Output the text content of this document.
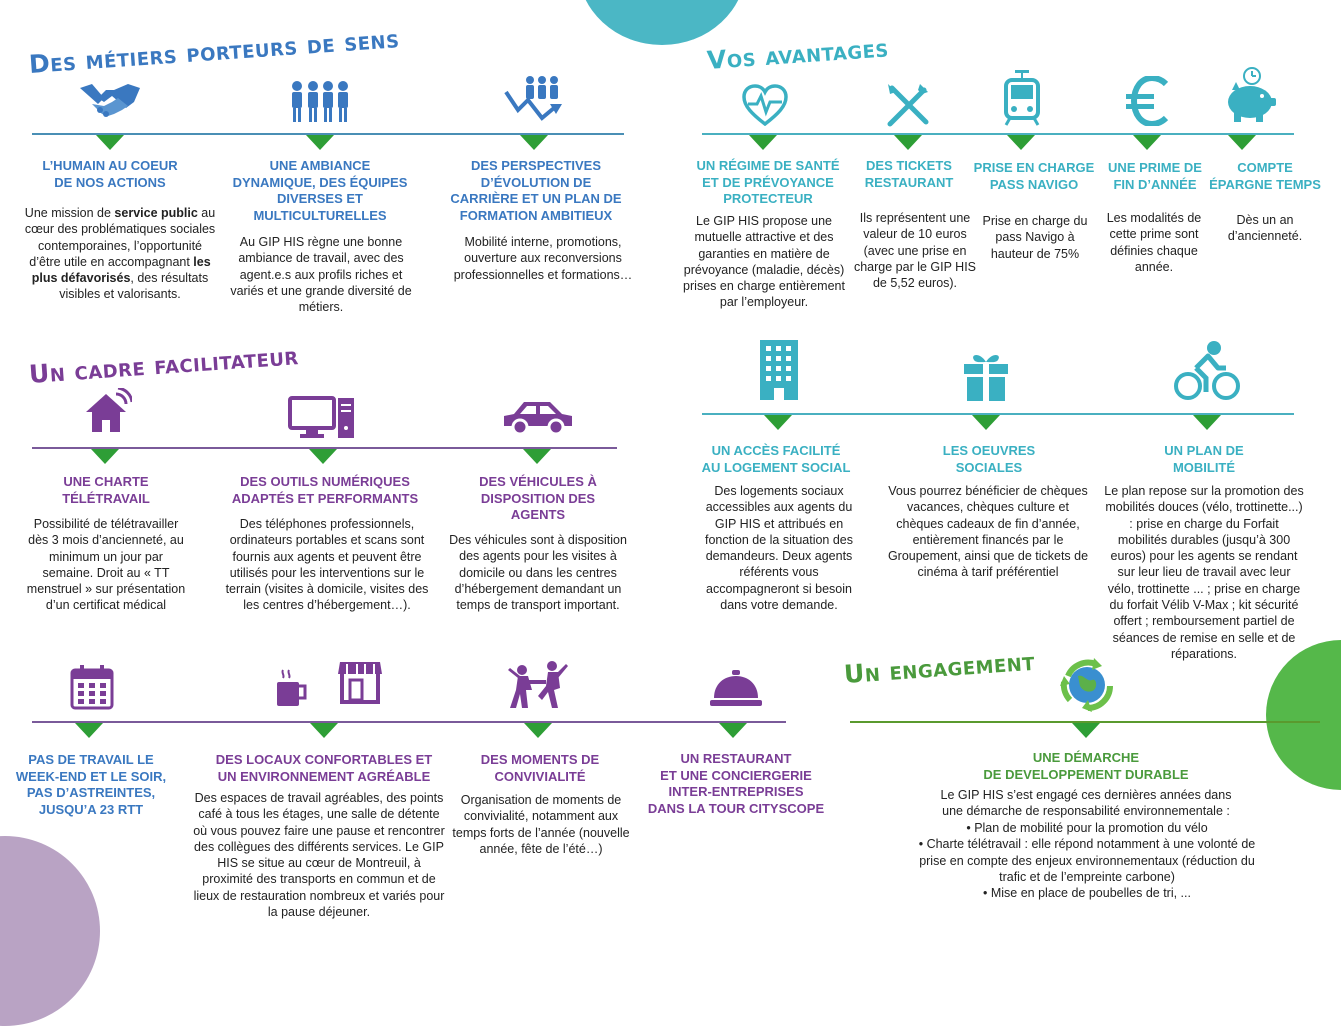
Des métiers porteurs de sens	Vos avantages
Un cadre facilitateur
Un engagement
L’HUMAIN AU COEUR
DE NOS ACTIONS
Une mission de service public au cœur des problématiques sociales contemporaines, l’opportunité d’être utile en accompagnant les plus défavorisés, des résultats visibles et valorisants.
UNE AMBIANCE
DYNAMIQUE, DES ÉQUIPES
DIVERSES ET
MULTICULTURELLES
Au GIP HIS règne une bonne ambiance de travail, avec des agent.e.s aux profils riches et variés et une grande diversité de métiers.
DES PERSPECTIVES
D’ÉVOLUTION DE
CARRIÈRE ET UN PLAN DE
FORMATION AMBITIEUX
Mobilité interne, promotions, ouverture aux reconversions professionnelles et formations…
UN RÉGIME DE SANTÉ
ET DE PRÉVOYANCE
PROTECTEUR
Le GIP HIS propose une mutuelle attractive et des garanties en matière de prévoyance (maladie, décès) prises en charge entièrement par l’employeur.
DES TICKETS
RESTAURANT
Ils représentent une valeur de 10 euros (avec une prise en charge par le GIP HIS de 5,52 euros).
PRISE EN CHARGE
PASS NAVIGO
Prise en charge du pass Navigo à hauteur de 75%
UNE PRIME DE
FIN D’ANNÉE
Les modalités de cette prime sont définies chaque année.
COMPTE
ÉPARGNE TEMPS
Dès un an d’ancienneté.
UN ACCÈS FACILITÉ
AU LOGEMENT SOCIAL
Des logements sociaux accessibles aux agents du GIP HIS et attribués en fonction de la situation des demandeurs. Deux agents référents vous accompagneront si besoin dans votre demande.
LES OEUVRES
SOCIALES
Vous pourrez bénéficier de chèques vacances, chèques culture et chèques cadeaux de fin d’année, entièrement financés par le Groupement, ainsi que de tickets de cinéma à tarif préférentiel
UN PLAN DE
MOBILITÉ
Le plan repose sur la promotion des mobilités douces (vélo, trottinette...) : prise en charge du Forfait mobilités durables (jusqu’à 300 euros) pour les agents se rendant sur leur lieu de travail avec leur vélo, trottinette ... ; prise en charge du forfait Vélib V-Max ; kit sécurité offert ; remboursement partiel de séances de remise en selle et de réparations.
UNE CHARTE
TÉLÉTRAVAIL
Possibilité de télétravailler dès 3 mois d’ancienneté, au minimum un jour par semaine. Droit au « TT menstruel » sur présentation d’un certificat médical
DES OUTILS NUMÉRIQUES
ADAPTÉS ET PERFORMANTS
Des téléphones professionnels, ordinateurs portables et scans sont fournis aux agents et peuvent être utilisés pour les interventions sur le terrain (visites à domicile, visites des les centres d’hébergement…).
DES VÉHICULES À
DISPOSITION DES
AGENTS
Des véhicules sont à disposition des agents pour les visites à domicile ou dans les centres d’hébergement demandant un temps de transport important.
PAS DE TRAVAIL LE
WEEK-END ET LE SOIR,
PAS D’ASTREINTES,
JUSQU’A 23 RTT
DES LOCAUX CONFORTABLES ET
UN ENVIRONNEMENT AGRÉABLE
Des espaces de travail agréables, des points café à tous les étages, une salle de détente où vous pouvez faire une pause et rencontrer des collègues des différents services. Le GIP HIS se situe au cœur de Montreuil, à proximité des transports en commun et de lieux de restauration nombreux et variés pour la pause déjeuner.
DES MOMENTS DE
CONVIVIALITÉ
Organisation de moments de convivialité, notamment aux temps forts de l’année (nouvelle année, fête de l’été…)
UN RESTAURANT
ET UNE CONCIERGERIE
INTER-ENTREPRISES
DANS LA TOUR CITYSCOPE
UNE DÉMARCHE
DE DEVELOPPEMENT DURABLE
Le GIP HIS s’est engagé ces dernières années dans une démarche de responsabilité environnementale :
• Plan de mobilité pour la promotion du vélo
• Charte télétravail : elle répond notamment à une volonté de prise en compte des enjeux environnementaux (réduction du trafic et de l’empreinte carbone)
• Mise en place de poubelles de tri, ...
